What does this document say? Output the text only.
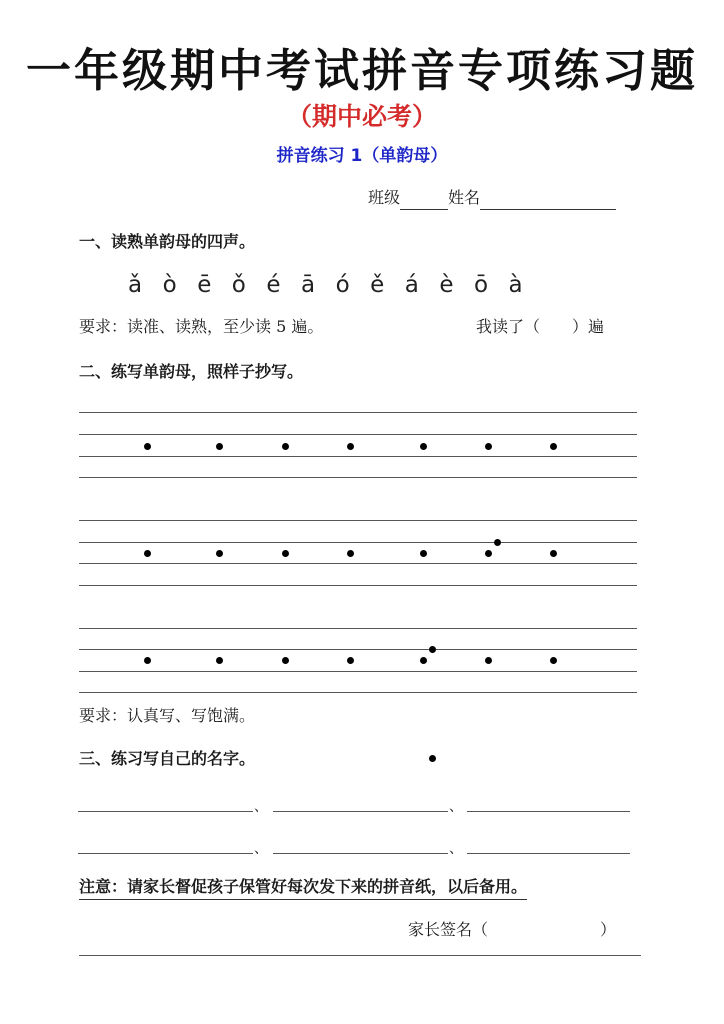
一年级期中考试拼音专项练习题
（期中必考）
拼音练习 1（单韵母）
班级	姓名
一、读熟单韵母的四声。
ǎ ò ē ǒ é ā ó ě á è ō à
要求：读准、读熟，至少读 5 遍。	我读了（　　）遍
二、练写单韵母，照样子抄写。
要求：认真写、写饱满。
三、练习写自己的名字。
、	、
、	、
注意：请家长督促孩子保管好每次发下来的拼音纸，以后备用。
家长签名（　　　　　　　）
